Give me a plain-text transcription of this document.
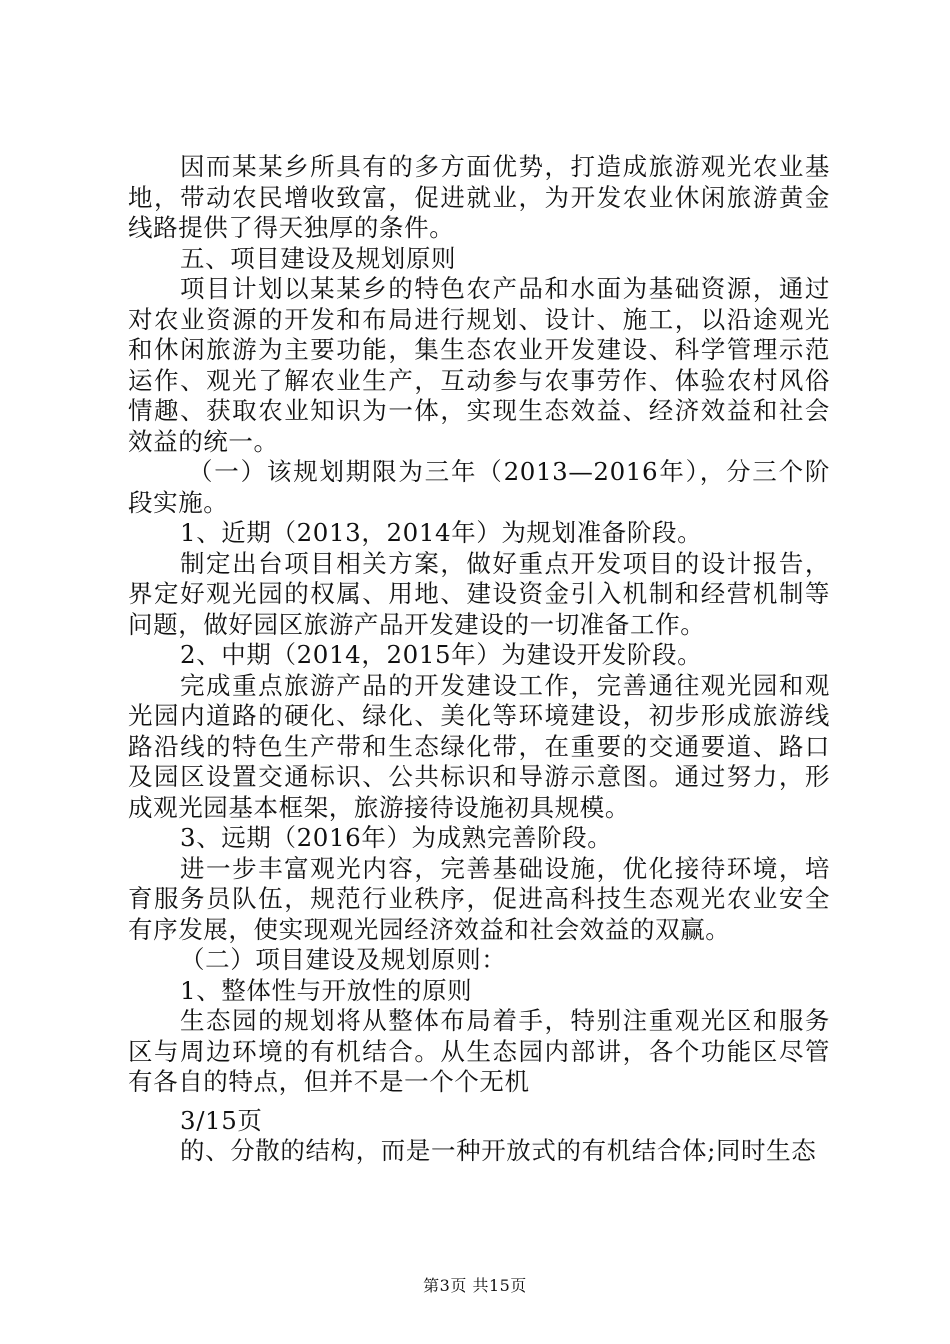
因而某某乡所具有的多方面优势，打造成旅游观光农业基地，带动农民增收致富，促进就业，为开发农业休闲旅游黄金线路提供了得天独厚的条件。

五、项目建设及规划原则

项目计划以某某乡的特色农产品和水面为基础资源，通过对农业资源的开发和布局进行规划、设计、施工，以沿途观光和休闲旅游为主要功能，集生态农业开发建设、科学管理示范运作、观光了解农业生产，互动参与农事劳作、体验农村风俗情趣、获取农业知识为一体，实现生态效益、经济效益和社会效益的统一。

（一）该规划期限为三年（2013—2016年），分三个阶段实施。

1、近期（2013，2014年）为规划准备阶段。

制定出台项目相关方案，做好重点开发项目的设计报告，界定好观光园的权属、用地、建设资金引入机制和经营机制等问题，做好园区旅游产品开发建设的一切准备工作。

2、中期（2014，2015年）为建设开发阶段。

完成重点旅游产品的开发建设工作，完善通往观光园和观光园内道路的硬化、绿化、美化等环境建设，初步形成旅游线路沿线的特色生产带和生态绿化带，在重要的交通要道、路口及园区设置交通标识、公共标识和导游示意图。通过努力，形成观光园基本框架，旅游接待设施初具规模。

3、远期（2016年）为成熟完善阶段。

进一步丰富观光内容，完善基础设施，优化接待环境，培育服务员队伍，规范行业秩序，促进高科技生态观光农业安全有序发展，使实现观光园经济效益和社会效益的双赢。

（二）项目建设及规划原则：

1、整体性与开放性的原则

生态园的规划将从整体布局着手，特别注重观光区和服务区与周边环境的有机结合。从生态园内部讲，各个功能区尽管有各自的特点，但并不是一个个无机

3/15页

的、分散的结构，而是一种开放式的有机结合体;同时生态

第3页 共15页
